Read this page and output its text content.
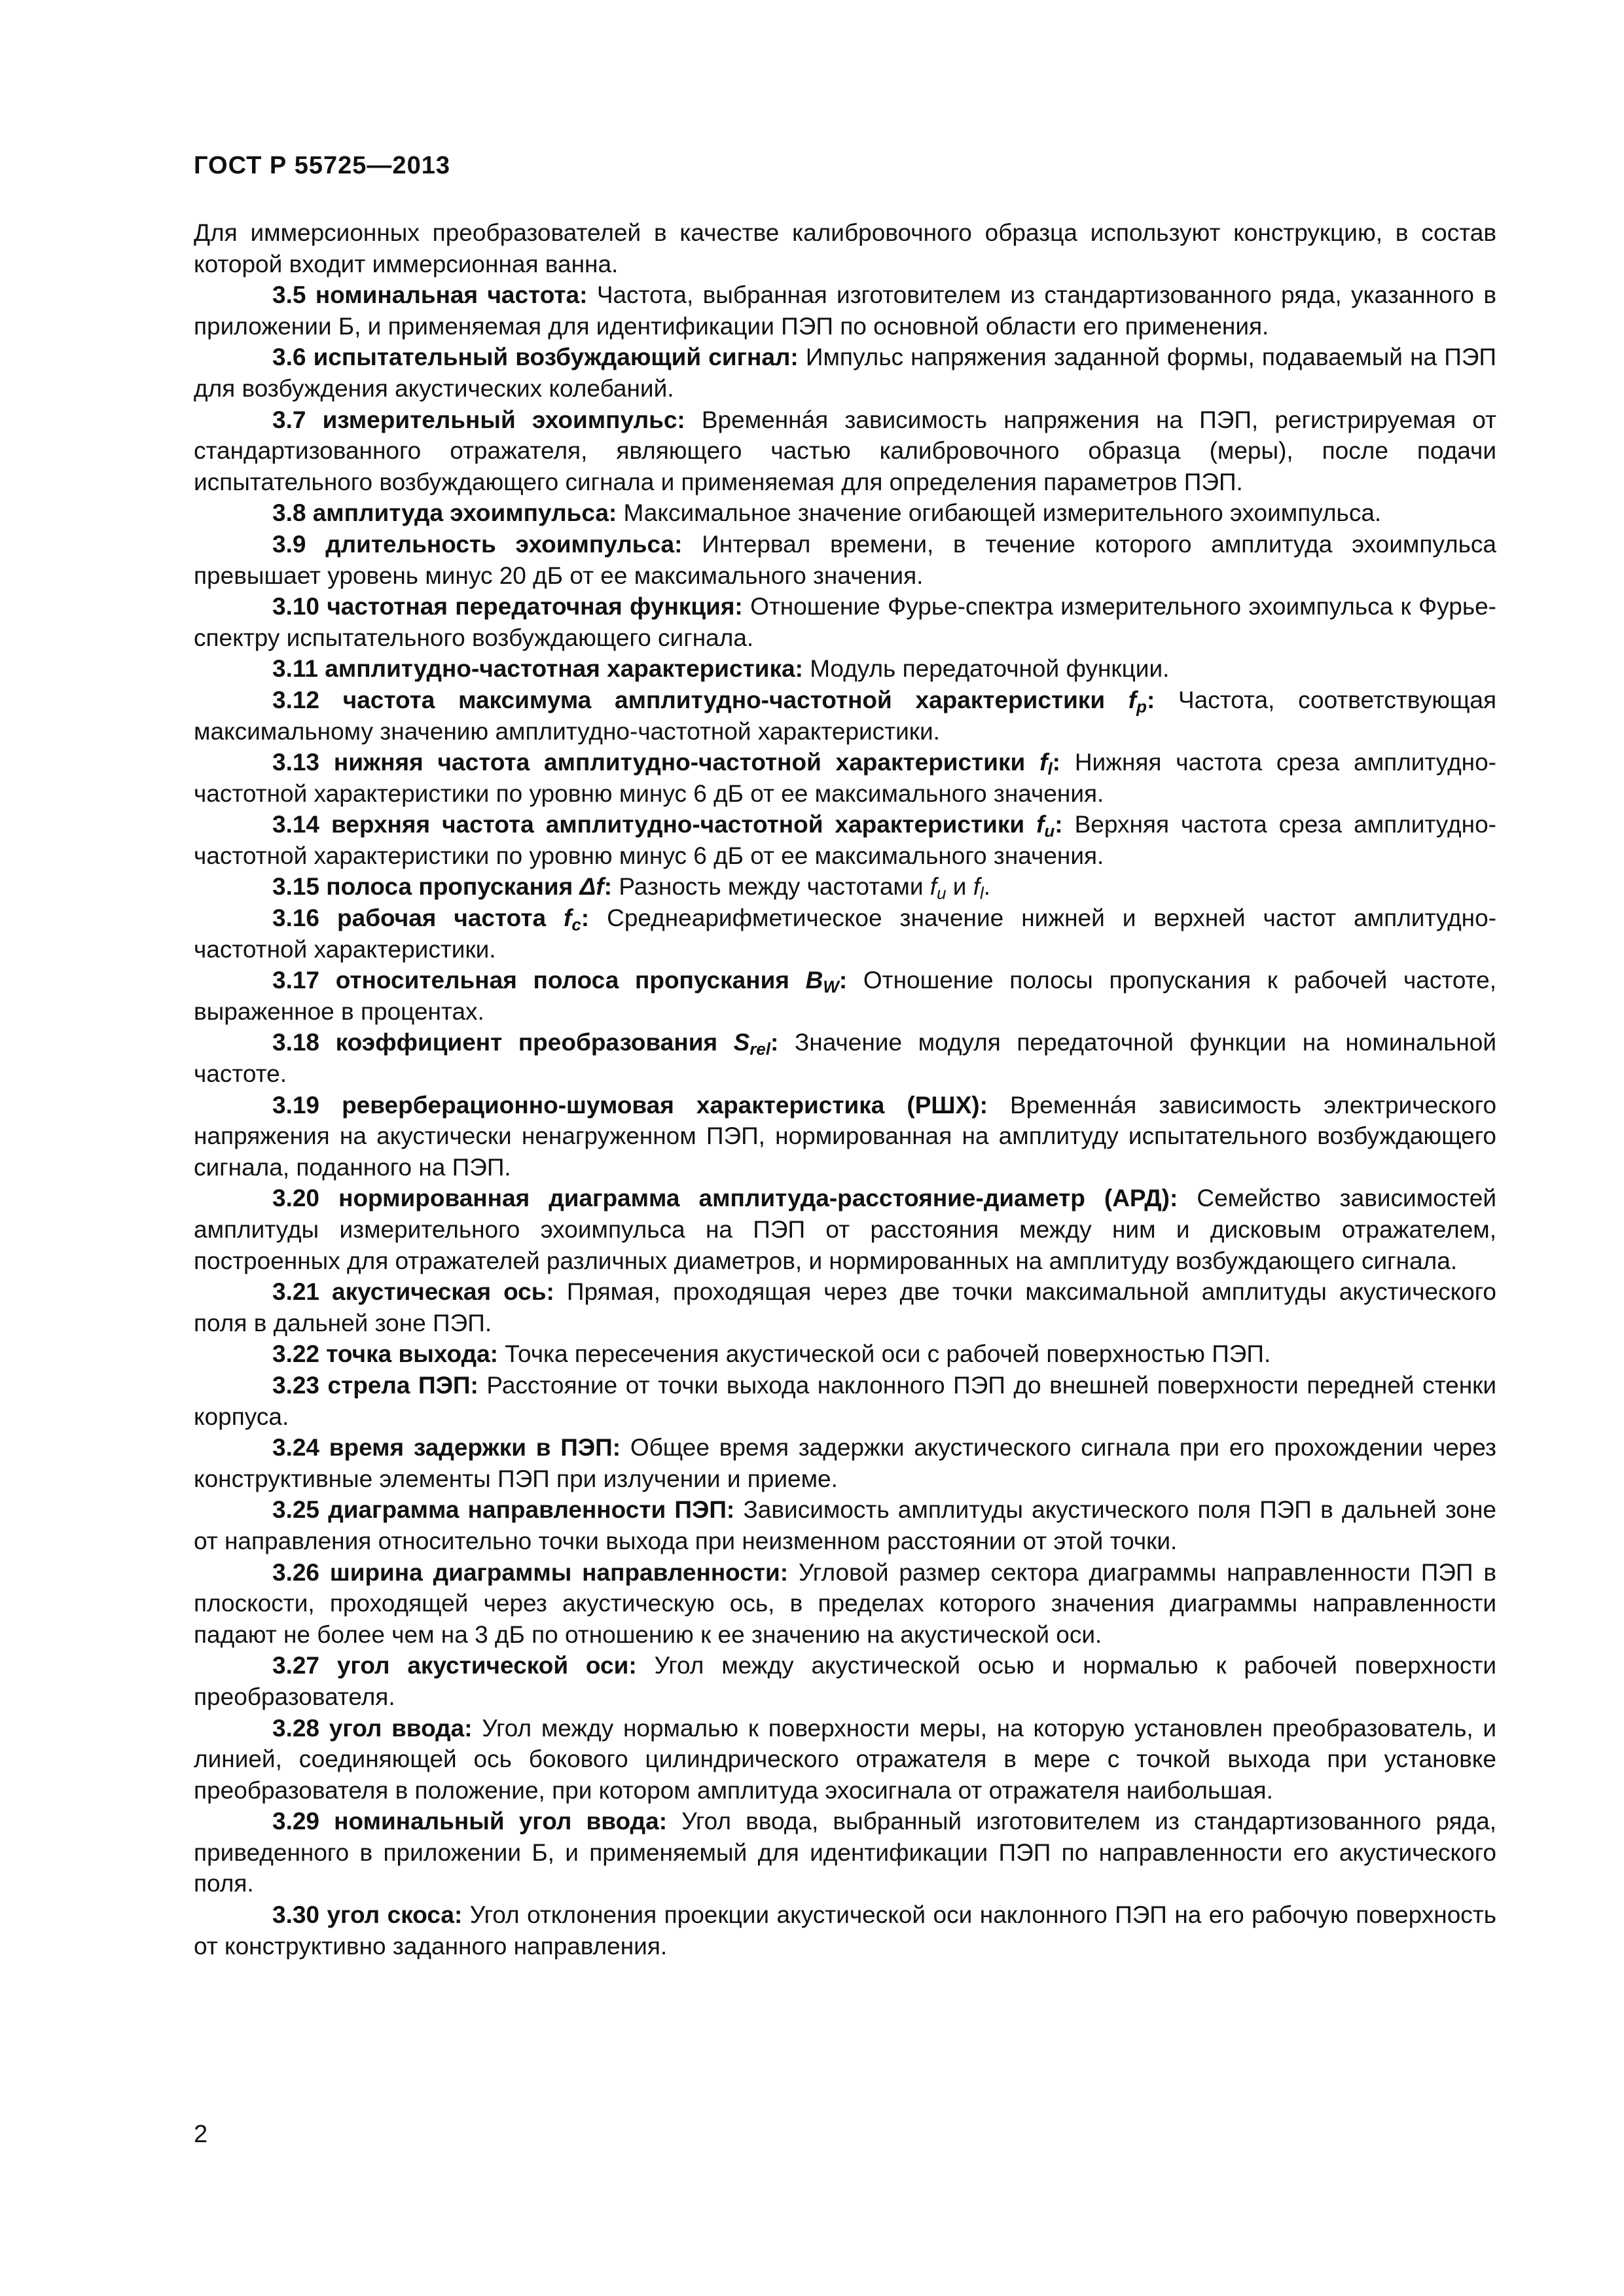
ГОСТ Р 55725—2013

Для иммерсионных преобразователей в качестве калибровочного образца используют конструкцию, в состав которой входит иммерсионная ванна.

3.5 номинальная частота: Частота, выбранная изготовителем из стандартизованного ряда, указанного в приложении Б, и применяемая для идентификации ПЭП по основной области его применения.

3.6 испытательный возбуждающий сигнал: Импульс напряжения заданной формы, подаваемый на ПЭП для возбуждения акустических колебаний.

3.7 измерительный эхоимпульс: Временнáя зависимость напряжения на ПЭП, регистрируемая от стандартизованного отражателя, являющего частью калибровочного образца (меры), после подачи испытательного возбуждающего сигнала и применяемая для определения параметров ПЭП.

3.8 амплитуда эхоимпульса: Максимальное значение огибающей измерительного эхоимпульса.

3.9 длительность эхоимпульса: Интервал времени, в течение которого амплитуда эхоимпульса превышает уровень минус 20 дБ от ее максимального значения.

3.10 частотная передаточная функция: Отношение Фурье-спектра измерительного эхоимпульса к Фурье-спектру испытательного возбуждающего сигнала.

3.11 амплитудно-частотная характеристика: Модуль передаточной функции.

3.12 частота максимума амплитудно-частотной характеристики $f_p$: Частота, соответствующая максимальному значению амплитудно-частотной характеристики.

3.13 нижняя частота амплитудно-частотной характеристики $f_l$: Нижняя частота среза амплитудно-частотной характеристики по уровню минус 6 дБ от ее максимального значения.

3.14 верхняя частота амплитудно-частотной характеристики $f_u$: Верхняя частота среза амплитудно-частотной характеристики по уровню минус 6 дБ от ее максимального значения.

3.15 полоса пропускания Δf: Разность между частотами $f_u$ и $f_l$.

3.16 рабочая частота $f_c$: Среднеарифметическое значение нижней и верхней частот амплитудно-частотной характеристики.

3.17 относительная полоса пропускания $B_W$: Отношение полосы пропускания к рабочей частоте, выраженное в процентах.

3.18 коэффициент преобразования $S_{rel}$: Значение модуля передаточной функции на номинальной частоте.

3.19 реверберационно-шумовая характеристика (РШХ): Временнáя зависимость электрического напряжения на акустически ненагруженном ПЭП, нормированная на амплитуду испытательного возбуждающего сигнала, поданного на ПЭП.

3.20 нормированная диаграмма амплитуда-расстояние-диаметр (АРД): Семейство зависимостей амплитуды измерительного эхоимпульса на ПЭП от расстояния между ним и дисковым отражателем, построенных для отражателей различных диаметров, и нормированных на амплитуду возбуждающего сигнала.

3.21 акустическая ось: Прямая, проходящая через две точки максимальной амплитуды акустического поля в дальней зоне ПЭП.

3.22 точка выхода: Точка пересечения акустической оси с рабочей поверхностью ПЭП.

3.23 стрела ПЭП: Расстояние от точки выхода наклонного ПЭП до внешней поверхности передней стенки корпуса.

3.24 время задержки в ПЭП: Общее время задержки акустического сигнала при его прохождении через конструктивные элементы ПЭП при излучении и приеме.

3.25 диаграмма направленности ПЭП: Зависимость амплитуды акустического поля ПЭП в дальней зоне от направления относительно точки выхода при неизменном расстоянии от этой точки.

3.26 ширина диаграммы направленности: Угловой размер сектора диаграммы направленности ПЭП в плоскости, проходящей через акустическую ось, в пределах которого значения диаграммы направленности падают не более чем на 3 дБ по отношению к ее значению на акустической оси.

3.27 угол акустической оси: Угол между акустической осью и нормалью к рабочей поверхности преобразователя.

3.28 угол ввода: Угол между нормалью к поверхности меры, на которую установлен преобразователь, и линией, соединяющей ось бокового цилиндрического отражателя в мере с точкой выхода при установке преобразователя в положение, при котором амплитуда эхосигнала от отражателя наибольшая.

3.29 номинальный угол ввода: Угол ввода, выбранный изготовителем из стандартизованного ряда, приведенного в приложении Б, и применяемый для идентификации ПЭП по направленности его акустического поля.

3.30 угол скоса: Угол отклонения проекции акустической оси наклонного ПЭП на его рабочую поверхность от конструктивно заданного направления.

2
